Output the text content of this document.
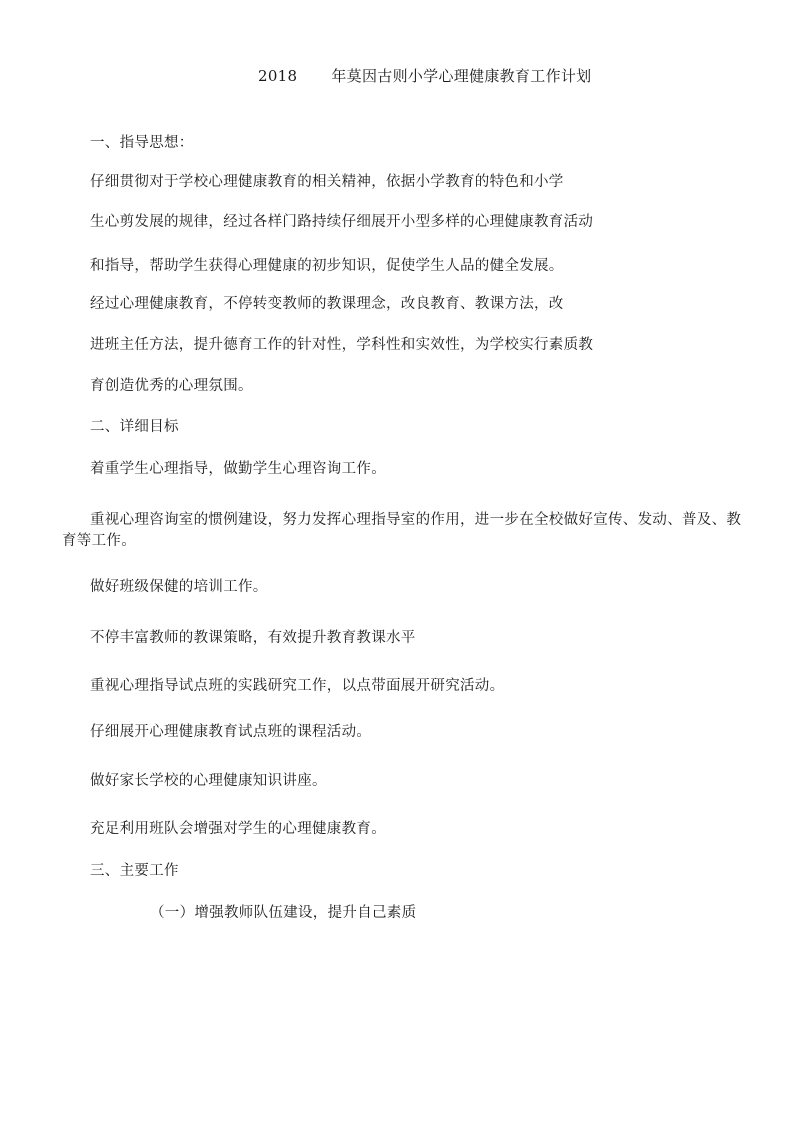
2018 年莫因古则小学心理健康教育工作计划
一、指导思想：
仔细贯彻对于学校心理健康教育的相关精神，依据小学教育的特色和小学
生心剪发展的规律，经过各样门路持续仔细展开小型多样的心理健康教育活动
和指导，帮助学生获得心理健康的初步知识，促使学生人品的健全发展。
经过心理健康教育，不停转变教师的教课理念，改良教育、教课方法，改
进班主任方法，提升德育工作的针对性，学科性和实效性，为学校实行素质教
育创造优秀的心理氛围。
二、详细目标
着重学生心理指导，做勤学生心理咨询工作。
重视心理咨询室的惯例建设，努力发挥心理指导室的作用，进一步在全校做好宣传、发动、普及、教育等工作。
做好班级保健的培训工作。
不停丰富教师的教课策略，有效提升教育教课水平
重视心理指导试点班的实践研究工作，以点带面展开研究活动。
仔细展开心理健康教育试点班的课程活动。
做好家长学校的心理健康知识讲座。
充足利用班队会增强对学生的心理健康教育。
三、主要工作
（一）增强教师队伍建设，提升自己素质
